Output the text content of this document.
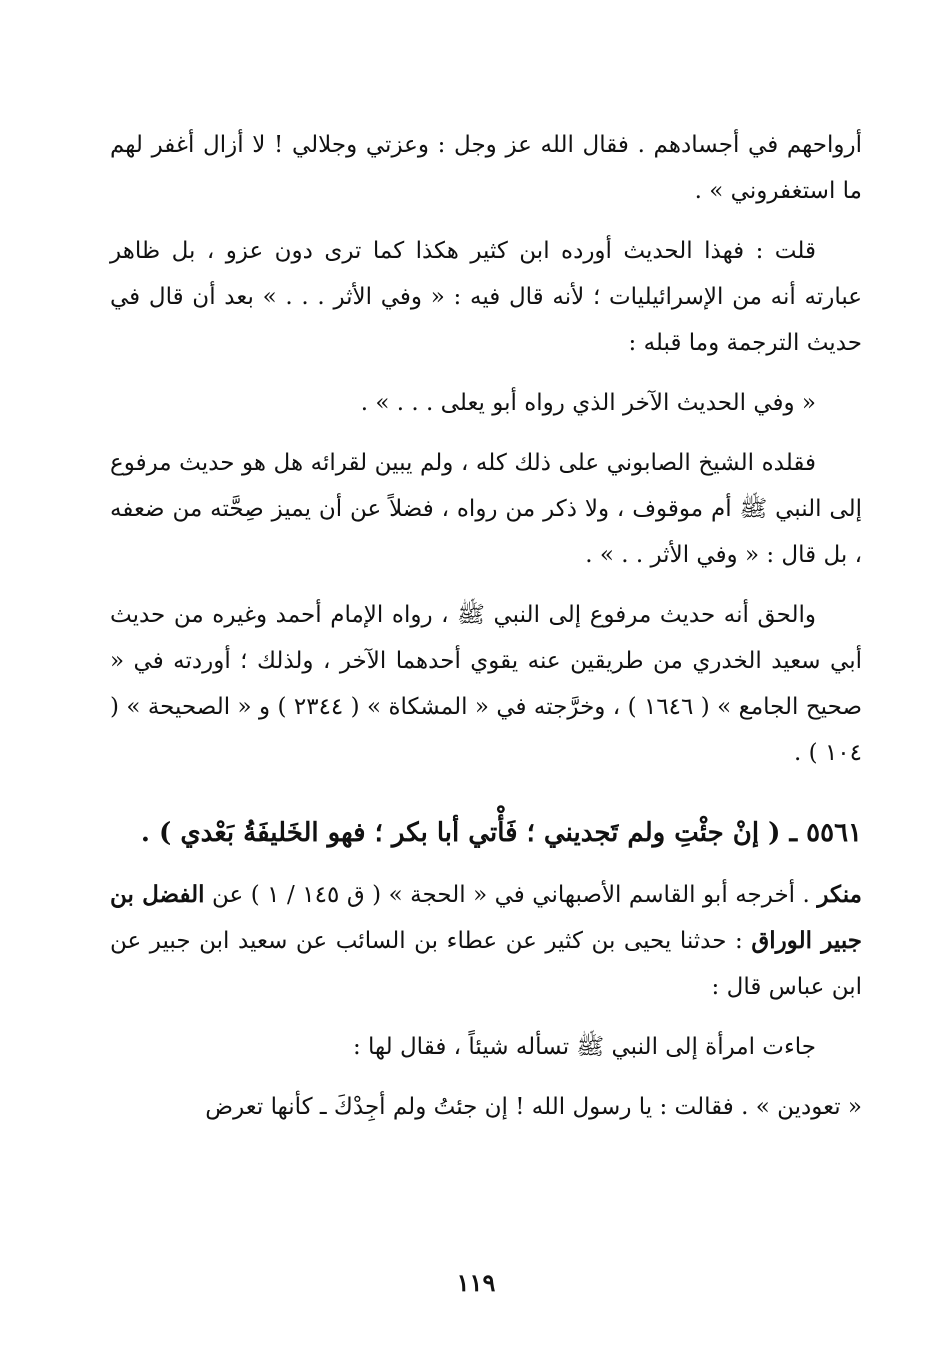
أرواحهم في أجسادهم . فقال الله عز وجل : وعزتي وجلالي ! لا أزال أغفر لهم ما استغفروني » .

قلت : فهذا الحديث أورده ابن كثير هكذا كما ترى دون عزو ، بل ظاهر عبارته أنه من الإسرائيليات ؛ لأنه قال فيه : « وفي الأثر . . . » بعد أن قال في حديث الترجمة وما قبله :

« وفي الحديث الآخر الذي رواه أبو يعلى . . . » .

فقلده الشيخ الصابوني على ذلك كله ، ولم يبين لقرائه هل هو حديث مرفوع إلى النبي ﷺ أم موقوف ، ولا ذكر من رواه ، فضلاً عن أن يميز صِحَّته من ضعفه ، بل قال : « وفي الأثر . . » .

والحق أنه حديث مرفوع إلى النبي ﷺ ، رواه الإمام أحمد وغيره من حديث أبي سعيد الخدري من طريقين عنه يقوي أحدهما الآخر ، ولذلك ؛ أوردته في « صحيح الجامع » ( ١٦٤٦ ) ، وخرَّجته في « المشكاة » ( ٢٣٤٤ ) و « الصحيحة » ( ١٠٤ ) .

٥٥٦١ ـ ( إنْ جئْتِ ولم تَجديني ؛ فَأْتي أبا بكر ؛ فهو الخَليفَةُ بَعْدي ) .

منكر . أخرجه أبو القاسم الأصبهاني في « الحجة » ( ق ١٤٥ / ١ ) عن الفضل بن جبير الوراق : حدثنا يحيى بن كثير عن عطاء بن السائب عن سعيد ابن جبير عن ابن عباس قال :

جاءت امرأة إلى النبي ﷺ تسأله شيئاً ، فقال لها :

« تعودين » . فقالت : يا رسول الله ! إن جئتُ ولم أجِدْكَ ـ كأنها تعرض

١١٩
